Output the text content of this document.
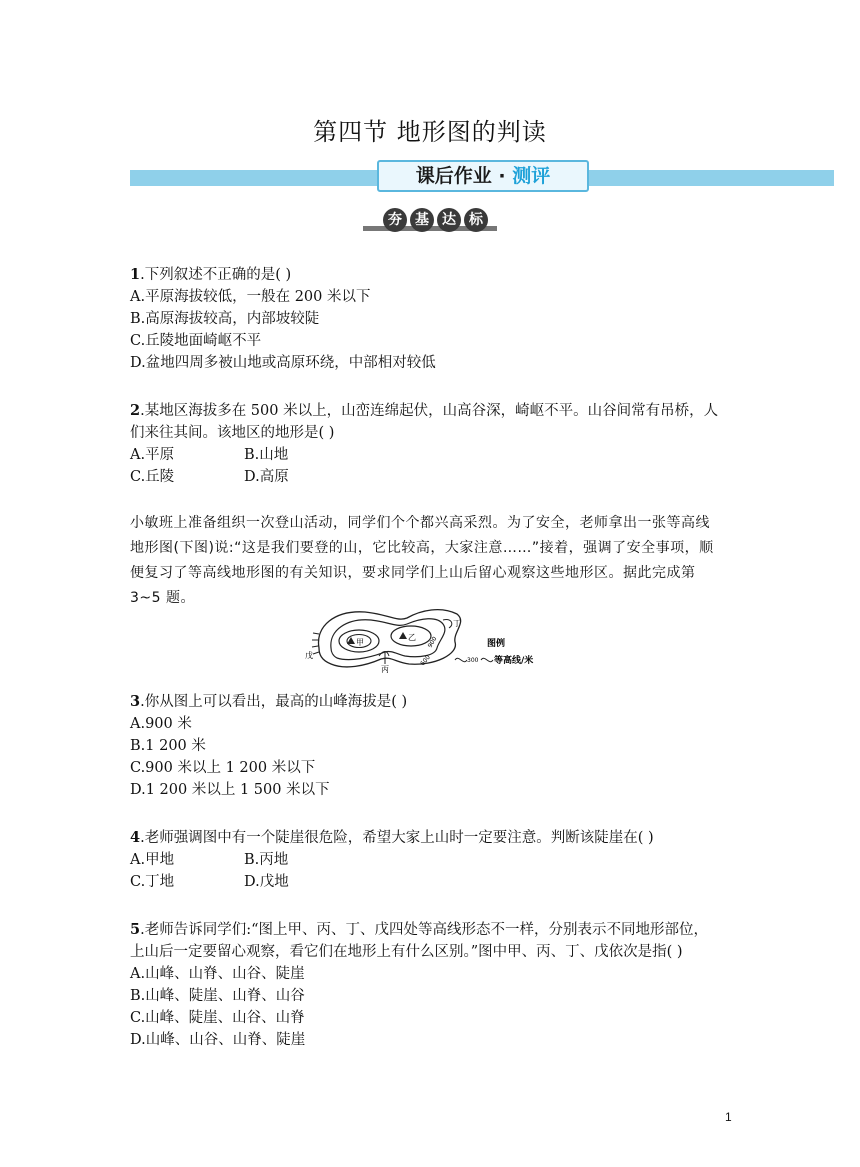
第四节 地形图的判读
课后作业 · 测评
夯 基 达 标
1.下列叙述不正确的是( )
A.平原海拔较低，一般在 200 米以下
B.高原海拔较高，内部坡较陡
C.丘陵地面崎岖不平
D.盆地四周多被山地或高原环绕，中部相对较低
2.某地区海拔多在 500 米以上，山峦连绵起伏，山高谷深，崎岖不平。山谷间常有吊桥，人
们来往其间。该地区的地形是( )
A.平原	B.山地
C.丘陵	D.高原
小敏班上准备组织一次登山活动，同学们个个都兴高采烈。为了安全，老师拿出一张等高线
地形图(下图)说:“这是我们要登的山，它比较高，大家注意……”接着，强调了安全事项，顺
便复习了等高线地形图的有关知识，要求同学们上山后留心观察这些地形区。据此完成第
3~5 题。
甲
乙
丙
丁
戊	600
900	图例
300 等高线/米
3.你从图上可以看出，最高的山峰海拔是( )
A.900 米
B.1 200 米
C.900 米以上 1 200 米以下
D.1 200 米以上 1 500 米以下
4.老师强调图中有一个陡崖很危险，希望大家上山时一定要注意。判断该陡崖在( )
A.甲地	B.丙地
C.丁地	D.戊地
5.老师告诉同学们:“图上甲、丙、丁、戊四处等高线形态不一样，分别表示不同地形部位，
上山后一定要留心观察，看它们在地形上有什么区别。”图中甲、丙、丁、戊依次是指( )
A.山峰、山脊、山谷、陡崖
B.山峰、陡崖、山脊、山谷
C.山峰、陡崖、山谷、山脊
D.山峰、山谷、山脊、陡崖
1
